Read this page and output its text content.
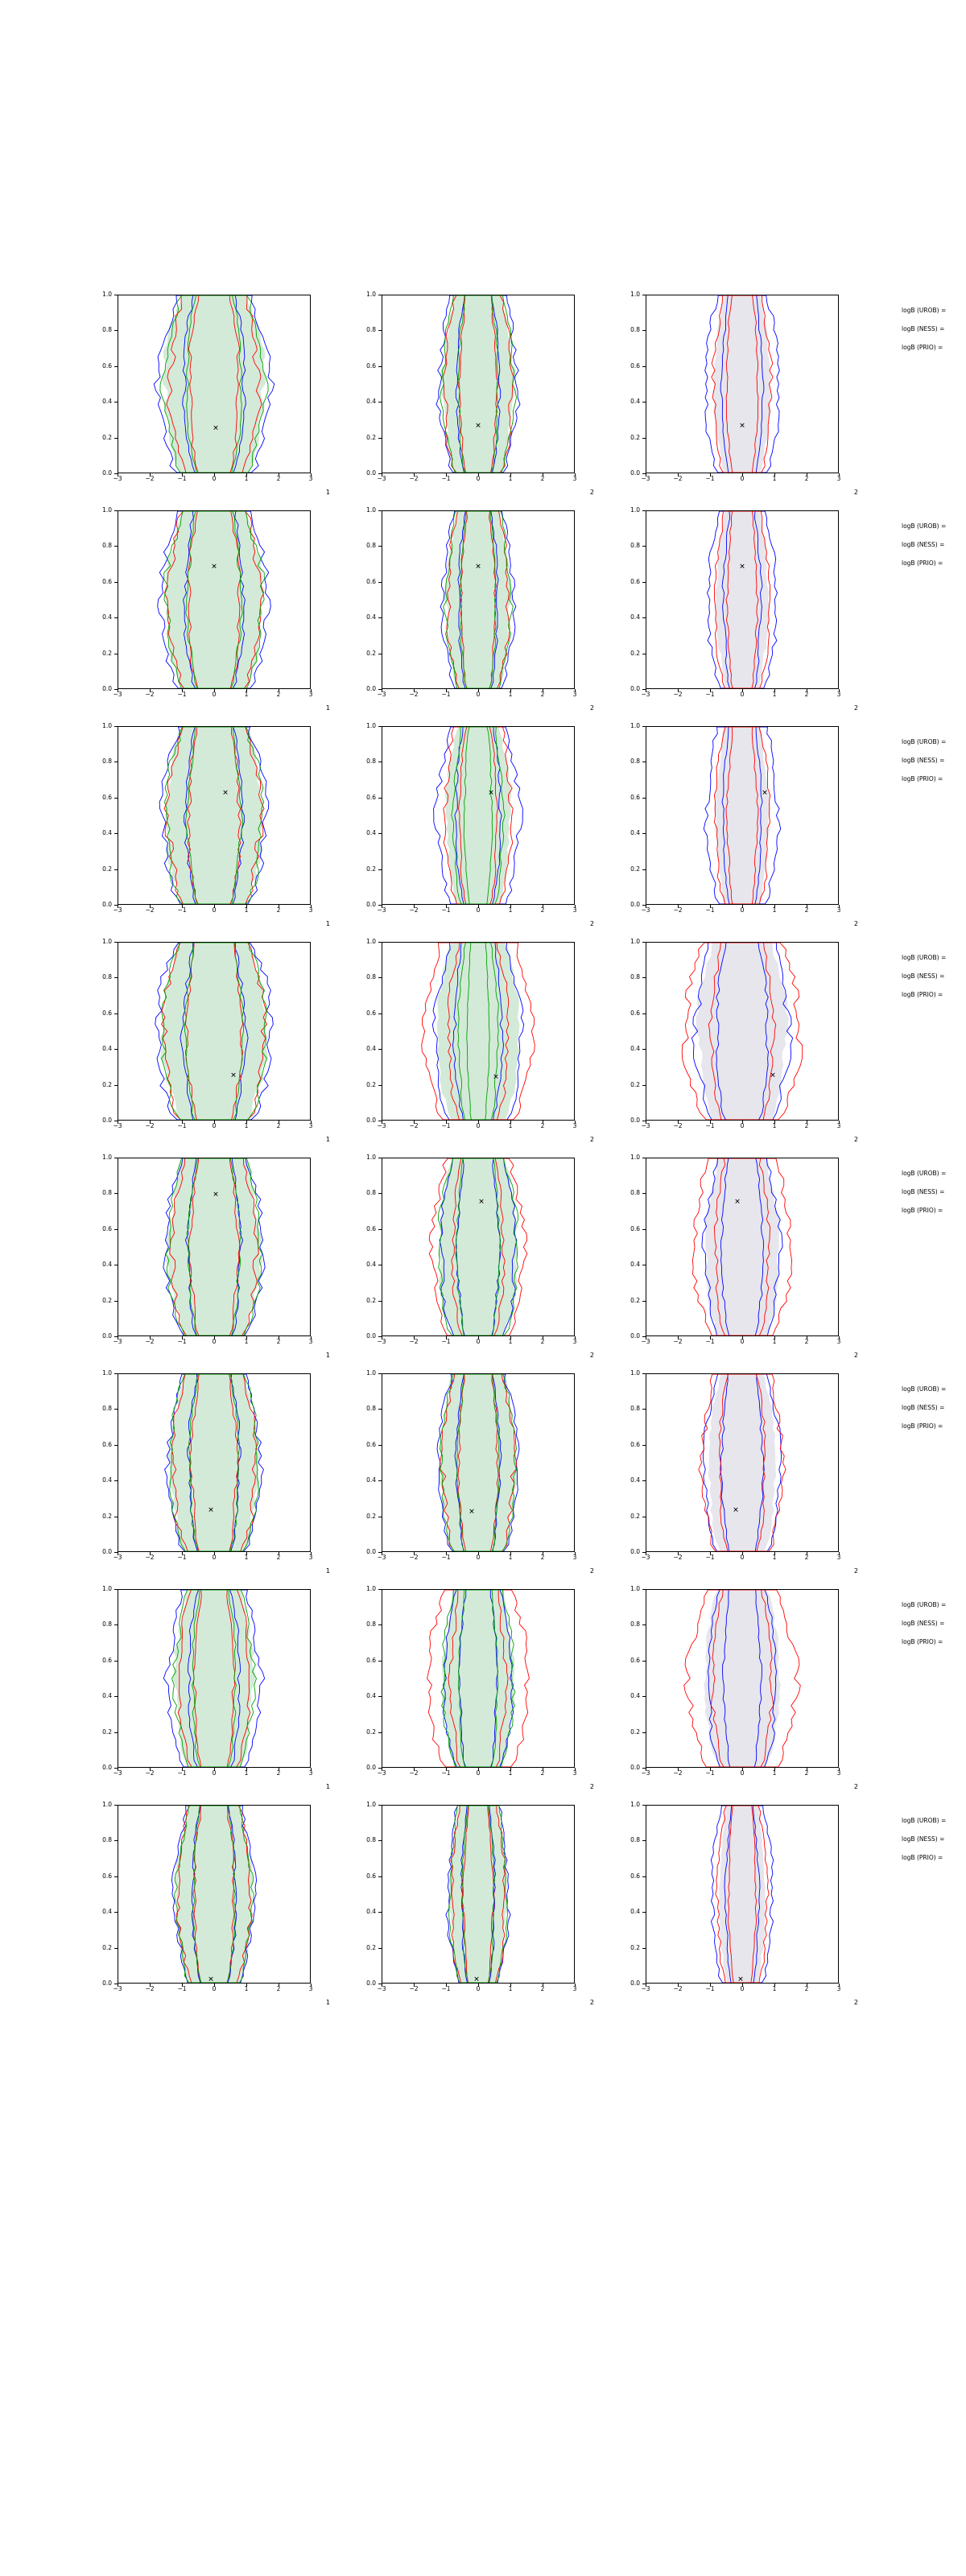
logB (UROB) =
logB (NESS) =
logB (PRIO) =
0.0
0.2
0.4
0.6
0.8
1.0
✕
1
−3	−2	−1	0	1	2	3
0.0
0.2
0.4
0.6
0.8
1.0
✕
2
−3	−2	−1	0	1	2	3
0.0
0.2
0.4
0.6
0.8
1.0
✕
2
−3	−2	−1	0	1	2	3
logB (UROB) =
logB (NESS) =
logB (PRIO) =
0.0
0.2
0.4
0.6
0.8
1.0
✕
1
−3	−2	−1	0	1	2	3
0.0
0.2
0.4
0.6
0.8
1.0
✕
2
−3	−2	−1	0	1	2	3
0.0
0.2
0.4
0.6
0.8
1.0
✕
2
−3	−2	−1	0	1	2	3
logB (UROB) =
logB (NESS) =
logB (PRIO) =
0.0
0.2
0.4
0.6
0.8
1.0
✕
1
−3	−2	−1	0	1	2	3
0.0
0.2
0.4
0.6
0.8
1.0
✕
2
−3	−2	−1	0	1	2	3
0.0
0.2
0.4
0.6
0.8
1.0
✕
2
−3	−2	−1	0	1	2	3
logB (UROB) =
logB (NESS) =
logB (PRIO) =
0.0
0.2
0.4
0.6
0.8
1.0
✕
1
−3	−2	−1	0	1	2	3
0.0
0.2
0.4
0.6
0.8
1.0
✕
2
−3	−2	−1	0	1	2	3
0.0
0.2
0.4
0.6
0.8
1.0
✕
2
−3	−2	−1	0	1	2	3
logB (UROB) =
logB (NESS) =
logB (PRIO) =
0.0
0.2
0.4
0.6
0.8
1.0
✕
1
−3	−2	−1	0	1	2	3
0.0
0.2
0.4
0.6
0.8
1.0
✕
2
−3	−2	−1	0	1	2	3
0.0
0.2
0.4
0.6
0.8
1.0
✕
2
−3	−2	−1	0	1	2	3
logB (UROB) =
logB (NESS) =
logB (PRIO) =
0.0
0.2
0.4
0.6
0.8
1.0
✕
1
−3	−2	−1	0	1	2	3
0.0
0.2
0.4
0.6
0.8
1.0
✕
2
−3	−2	−1	0	1	2	3
0.0
0.2
0.4
0.6
0.8
1.0
✕
2
−3	−2	−1	0	1	2	3
logB (UROB) =
logB (NESS) =
logB (PRIO) =
0.0
0.2
0.4
0.6
0.8
1.0
1
−3	−2	−1	0	1	2	3
0.0
0.2
0.4
0.6
0.8
1.0
2
−3	−2	−1	0	1	2	3
0.0
0.2
0.4
0.6
0.8
1.0
2
−3	−2	−1	0	1	2	3
logB (UROB) =
logB (NESS) =
logB (PRIO) =
0.0
0.2
0.4
0.6
0.8
1.0
✕
1
−3	−2	−1	0	1	2	3
0.0
0.2
0.4
0.6
0.8
1.0
✕
2
−3	−2	−1	0	1	2	3
0.0
0.2
0.4
0.6
0.8
1.0
✕
2
−3	−2	−1	0	1	2	3
